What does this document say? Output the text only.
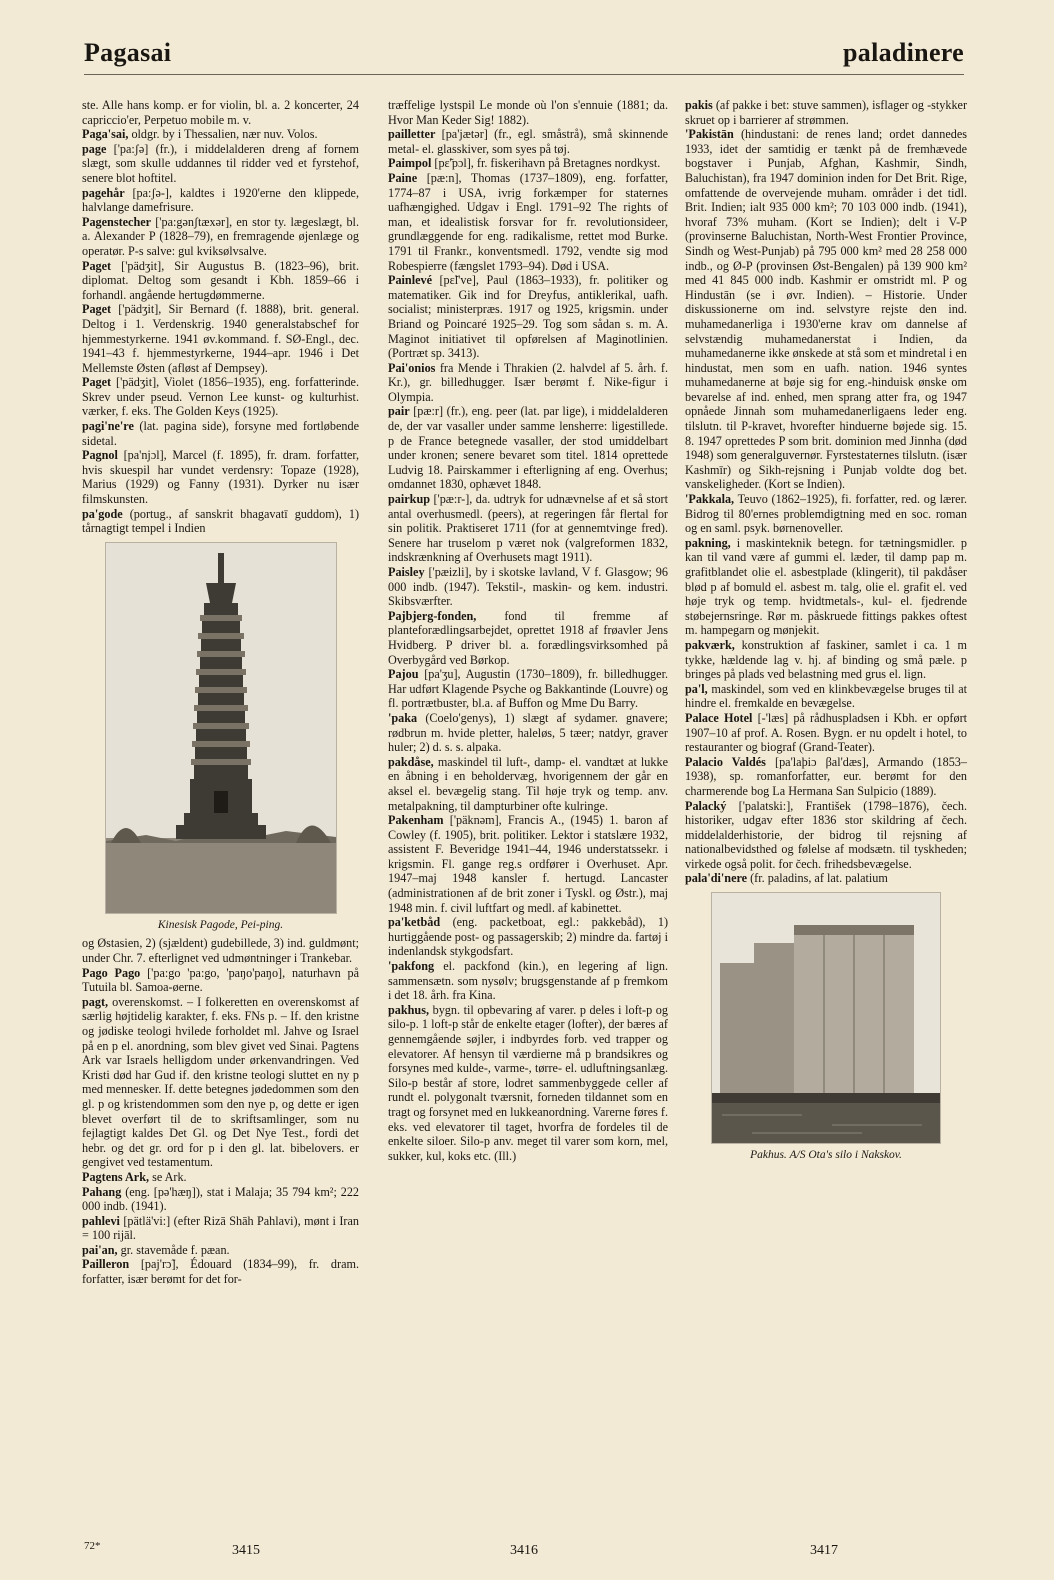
Pagasai	paladinere

ste. Alle hans komp. er for violin, bl. a. 2 koncerter, 24 capriccio'er, Perpetuo mobile m. v.

Paga'sai, oldgr. by i Thessalien, nær nuv. Volos.

page ['pa:ʃə] (fr.), i middelalderen dreng af fornem slægt, som skulle uddannes til ridder ved et fyrstehof, senere blot hoftitel.

pagehår [pa:ʃə-], kaldtes i 1920'erne den klippede, halvlange damefrisure.

Pagenstecher ['pa:gənʃtæxər], en stor ty. lægeslægt, bl. a. Alexander P (1828–79), en fremragende øjenlæge og operatør. P-s salve: gul kviksølvsalve.

Paget ['pädʒit], Sir Augustus B. (1823–96), brit. diplomat. Deltog som gesandt i Kbh. 1859–66 i forhandl. angående hertugdømmerne.

Paget ['pädʒit], Sir Bernard (f. 1888), brit. general. Deltog i 1. Verdenskrig. 1940 generalstabschef for hjemmestyrkerne. 1941 øv.kommand. f. SØ-Engl., dec. 1941–43 f. hjemmestyrkerne, 1944–apr. 1946 i Det Mellemste Østen (afløst af Dempsey).

Paget ['pädʒit], Violet (1856–1935), eng. forfatterinde. Skrev under pseud. Vernon Lee kunst- og kulturhist. værker, f. eks. The Golden Keys (1925).

pagi'ne're (lat. pagina side), forsyne med fortløbende sidetal.

Pagnol [pa'njɔl], Marcel (f. 1895), fr. dram. forfatter, hvis skuespil har vundet verdensry: Topaze (1928), Marius (1929) og Fanny (1931). Dyrker nu især filmskunsten.

pa'gode (portug., af sanskrit bhagavatī guddom), 1) tårnagtigt tempel i Indien

Kinesisk Pagode, Pei-ping.

og Østasien, 2) (sjældent) gudebillede, 3) ind. guldmønt; under Chr. 7. efterlignet ved udmøntninger i Trankebar.

Pago Pago ['pa:go 'pa:go, 'paŋo'paŋo], naturhavn på Tutuila bl. Samoa-øerne.

pagt, overenskomst. – I folkeretten en overenskomst af særlig højtidelig karakter, f. eks. FNs p. – If. den kristne og jødiske teologi hvilede forholdet ml. Jahve og Israel på en p el. anordning, som blev givet ved Sinai. Pagtens Ark var Israels helligdom under ørkenvandringen. Ved Kristi død har Gud if. den kristne teologi sluttet en ny p med mennesker. If. dette betegnes jødedommen som den gl. p og kristendommen som den nye p, og dette er igen blevet overført til de to skriftsamlinger, som nu fejlagtigt kaldes Det Gl. og Det Nye Test., fordi det hebr. og det gr. ord for p i den gl. lat. bibelovers. er gengivet ved testamentum.

Pagtens Ark, se Ark.

Pahang (eng. [pə'hæŋ]), stat i Malaja; 35 794 km²; 222 000 indb. (1941).

pahlevi [pätlä'vi:] (efter Rizā Shāh Pahlavi), mønt i Iran = 100 rijāl.

pai'an, gr. stavemåde f. pæan.

Pailleron [paj'rɔ̃], Édouard (1834–99), fr. dram. forfatter, især berømt for det for-

træffelige lystspil Le monde où l'on s'ennuie (1881; da. Hvor Man Keder Sig! 1882).

pailletter [pa'jætər] (fr., egl. småstrå), små skinnende metal- el. glasskiver, som syes på tøj.

Paimpol [pɛ̃'pɔl], fr. fiskerihavn på Bretagnes nordkyst.

Paine [pæ:n], Thomas (1737–1809), eng. forfatter, 1774–87 i USA, ivrig forkæmper for staternes uafhængighed. Udgav i Engl. 1791–92 The rights of man, et idealistisk forsvar for fr. revolutionsideer, grundlæggende for eng. radikalisme, rettet mod Burke. 1791 til Frankr., konventsmedl. 1792, vendte sig mod Robespierre (fængslet 1793–94). Død i USA.

Painlevé [pɛ̃l've], Paul (1863–1933), fr. politiker og matematiker. Gik ind for Dreyfus, antiklerikal, uafh. socialist; ministerpræs. 1917 og 1925, krigsmin. under Briand og Poincaré 1925–29. Tog som sådan s. m. A. Maginot initiativet til opførelsen af Maginotlinien. (Portræt sp. 3413).

Pai'onios fra Mende i Thrakien (2. halvdel af 5. årh. f. Kr.), gr. billedhugger. Især berømt f. Nike-figur i Olympia.

pair [pæ:r] (fr.), eng. peer (lat. par lige), i middelalderen de, der var vasaller under samme lensherre: ligestillede. p de France betegnede vasaller, der stod umiddelbart under kronen; senere bevaret som titel. 1814 oprettede Ludvig 18. Pairskammer i efterligning af eng. Overhus; omdannet 1830, ophævet 1848.

pairkup ['pæ:r-], da. udtryk for udnævnelse af et så stort antal overhusmedl. (peers), at regeringen får flertal for sin politik. Praktiseret 1711 (for at gennemtvinge fred). Senere har truselom p været nok (valgreformen 1832, indskrænkning af Overhusets magt 1911).

Paisley ['pæizli], by i skotske lavland, V f. Glasgow; 96 000 indb. (1947). Tekstil-, maskin- og kem. industri. Skibsværfter.

Pajbjerg-fonden, fond til fremme af planteforædlingsarbejdet, oprettet 1918 af frøavler Jens Hvidberg. P driver bl. a. forædlingsvirksomhed på Overbygård ved Børkop.

Pajou [pa'ʒu], Augustin (1730–1809), fr. billedhugger. Har udført Klagende Psyche og Bakkantinde (Louvre) og fl. portrætbuster, bl.a. af Buffon og Mme Du Barry.

'paka (Coelo'genys), 1) slægt af sydamer. gnavere; rødbrun m. hvide pletter, haleløs, 5 tæer; natdyr, graver huler; 2) d. s. s. alpaka.

pakdåse, maskindel til luft-, damp- el. vandtæt at lukke en åbning i en beholdervæg, hvorigennem der går en aksel el. bevægelig stang. Til høje tryk og temp. anv. metalpakning, til dampturbiner ofte kulringe.

Pakenham ['päknəm], Francis A., (1945) 1. baron af Cowley (f. 1905), brit. politiker. Lektor i statslære 1932, assistent F. Beveridge 1941–44, 1946 understatssekr. i krigsmin. Fl. gange reg.s ordfører i Overhuset. Apr. 1947–maj 1948 kansler f. hertugd. Lancaster (administrationen af de brit zoner i Tyskl. og Østr.), maj 1948 min. f. civil luftfart og medl. af kabinettet.

pa'ketbåd (eng. packetboat, egl.: pakkebåd), 1) hurtiggående post- og passagerskib; 2) mindre da. fartøj i indenlandsk stykgodsfart.

'pakfong el. packfond (kin.), en legering af lign. sammensætn. som nysølv; brugsgenstande af p fremkom i det 18. årh. fra Kina.

pakhus, bygn. til opbevaring af varer. p deles i loft-p og silo-p. 1 loft-p står de enkelte etager (lofter), der bæres af gennemgående søjler, i indbyrdes forb. ved trapper og elevatorer. Af hensyn til værdierne må p brandsikres og forsynes med kulde-, varme-, tørre- el. udluftningsanlæg. Silo-p består af store, lodret sammenbyggede celler af rundt el. polygonalt tværsnit, forneden tildannet som en tragt og forsynet med en lukkeanordning. Varerne føres f. eks. ved elevatorer til taget, hvorfra de fordeles til de enkelte siloer. Silo-p anv. meget til varer som korn, mel, sukker, kul, koks etc. (Ill.)

pakis (af pakke i bet: stuve sammen), isflager og -stykker skruet op i barrierer af strømmen.

'Pakistān (hindustani: de renes land; ordet dannedes 1933, idet der samtidig er tænkt på de fremhævede bogstaver i Punjab, Afghan, Kashmir, Sindh, Baluchistan), fra 1947 dominion inden for Det Brit. Rige, omfattende de overvejende muham. områder i det tidl. Brit. Indien; ialt 935 000 km²; 70 103 000 indb. (1941), hvoraf 73% muham. (Kort se Indien); delt i V-P (provinserne Baluchistan, North-West Frontier Province, Sindh og West-Punjab) på 795 000 km² med 28 258 000 indb., og Ø-P (provinsen Øst-Bengalen) på 139 900 km² med 41 845 000 indb. Kashmir er omstridt ml. P og Hindustān (se i øvr. Indien). – Historie. Under diskussionerne om ind. selvstyre rejste den ind. muhamedanerliga i 1930'erne krav om dannelse af selvstændig muhamedanerstat i Indien, da muhamedanerne ikke ønskede at stå som et mindretal i en hindustat, men som en uafh. nation. 1946 syntes muhamedanerne at bøje sig for eng.-hinduisk ønske om bevarelse af ind. enhed, men sprang atter fra, og 1947 opnåede Jinnah som muhamedanerligaens leder eng. tilslutn. til P-kravet, hvorefter hinduerne bøjede sig. 15. 8. 1947 oprettedes P som brit. dominion med Jinnha (død 1948) som generalguvernør. Fyrstestaternes tilslutn. (især Kashmīr) og Sikh-rejsning i Punjab voldte dog bet. vanskeligheder. (Kort se Indien).

'Pakkala, Teuvo (1862–1925), fi. forfatter, red. og lærer. Bidrog til 80'ernes problemdigtning med en soc. roman og en saml. psyk. børnenoveller.

pakning, i maskinteknik betegn. for tætningsmidler. p kan til vand være af gummi el. læder, til damp pap m. grafitblandet olie el. asbestplade (klingerit), til pakdåser blød p af bomuld el. asbest m. talg, olie el. grafit el. ved høje tryk og temp. hvidtmetals-, kul- el. fjedrende støbejernsringe. Rør m. påskruede fittings pakkes oftest m. hampegarn og mønjekit.

pakværk, konstruktion af faskiner, samlet i ca. 1 m tykke, hældende lag v. hj. af binding og små pæle. p bringes på plads ved belastning med grus el. lign.

pa'l, maskindel, som ved en klinkbevægelse bruges til at hindre el. fremkalde en bevægelse.

Palace Hotel [-'læs] på rådhuspladsen i Kbh. er opført 1907–10 af prof. A. Rosen. Bygn. er nu opdelt i hotel, to restauranter og biograf (Grand-Teater).

Palacio Valdés [pa'laþiɔ βal'dæs], Armando (1853–1938), sp. romanforfatter, eur. berømt for den charmerende bog La Hermana San Sulpicio (1889).

Palacký ['palatski:], František (1798–1876), čech. historiker, udgav efter 1836 stor skildring af čech. middelalderhistorie, der bidrog til rejsning af nationalbevidsthed og følelse af modsætn. til tyskheden; virkede også polit. for čech. frihedsbevægelse.

pala'di'nere (fr. paladins, af lat. palatium

Pakhus. A/S Ota's silo i Nakskov.
72*	3415	3416	3417
